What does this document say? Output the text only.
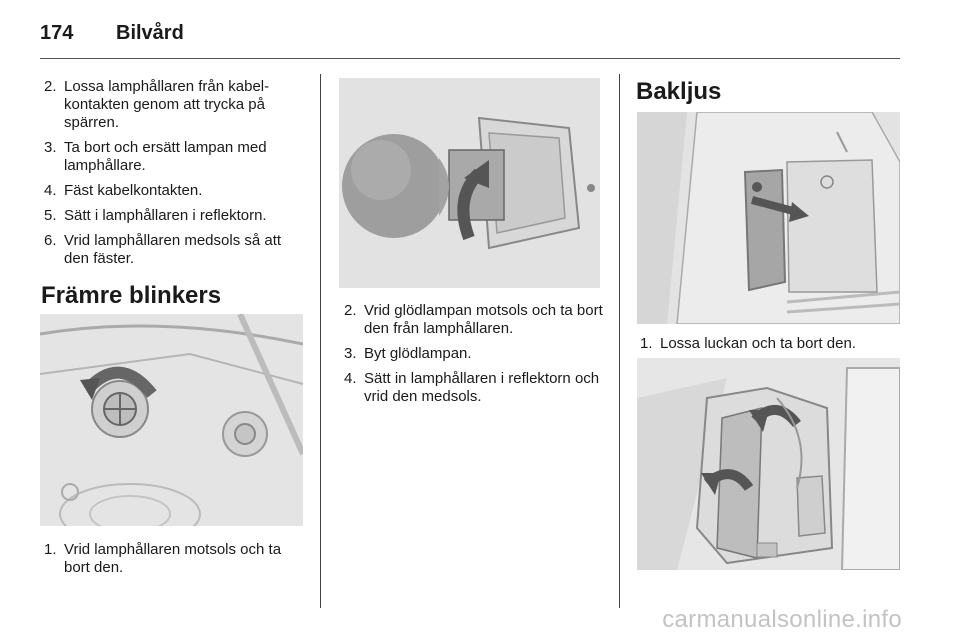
174 Bilvård
2. Lossa lamphållaren från kabel-kontakten genom att trycka på spärren.
3. Ta bort och ersätt lampan med lamphållare.
4. Fäst kabelkontakten.
5. Sätt i lamphållaren i reflektorn.
6. Vrid lamphållaren medsols så att den fäster.
Främre blinkers
1. Vrid lamphållaren motsols och ta bort den.
2. Vrid glödlampan motsols och ta bort den från lamphållaren.
3. Byt glödlampan.
4. Sätt in lamphållaren i reflektorn och vrid den medsols.
Bakljus
1. Lossa luckan och ta bort den.
carmanualsonline.info
